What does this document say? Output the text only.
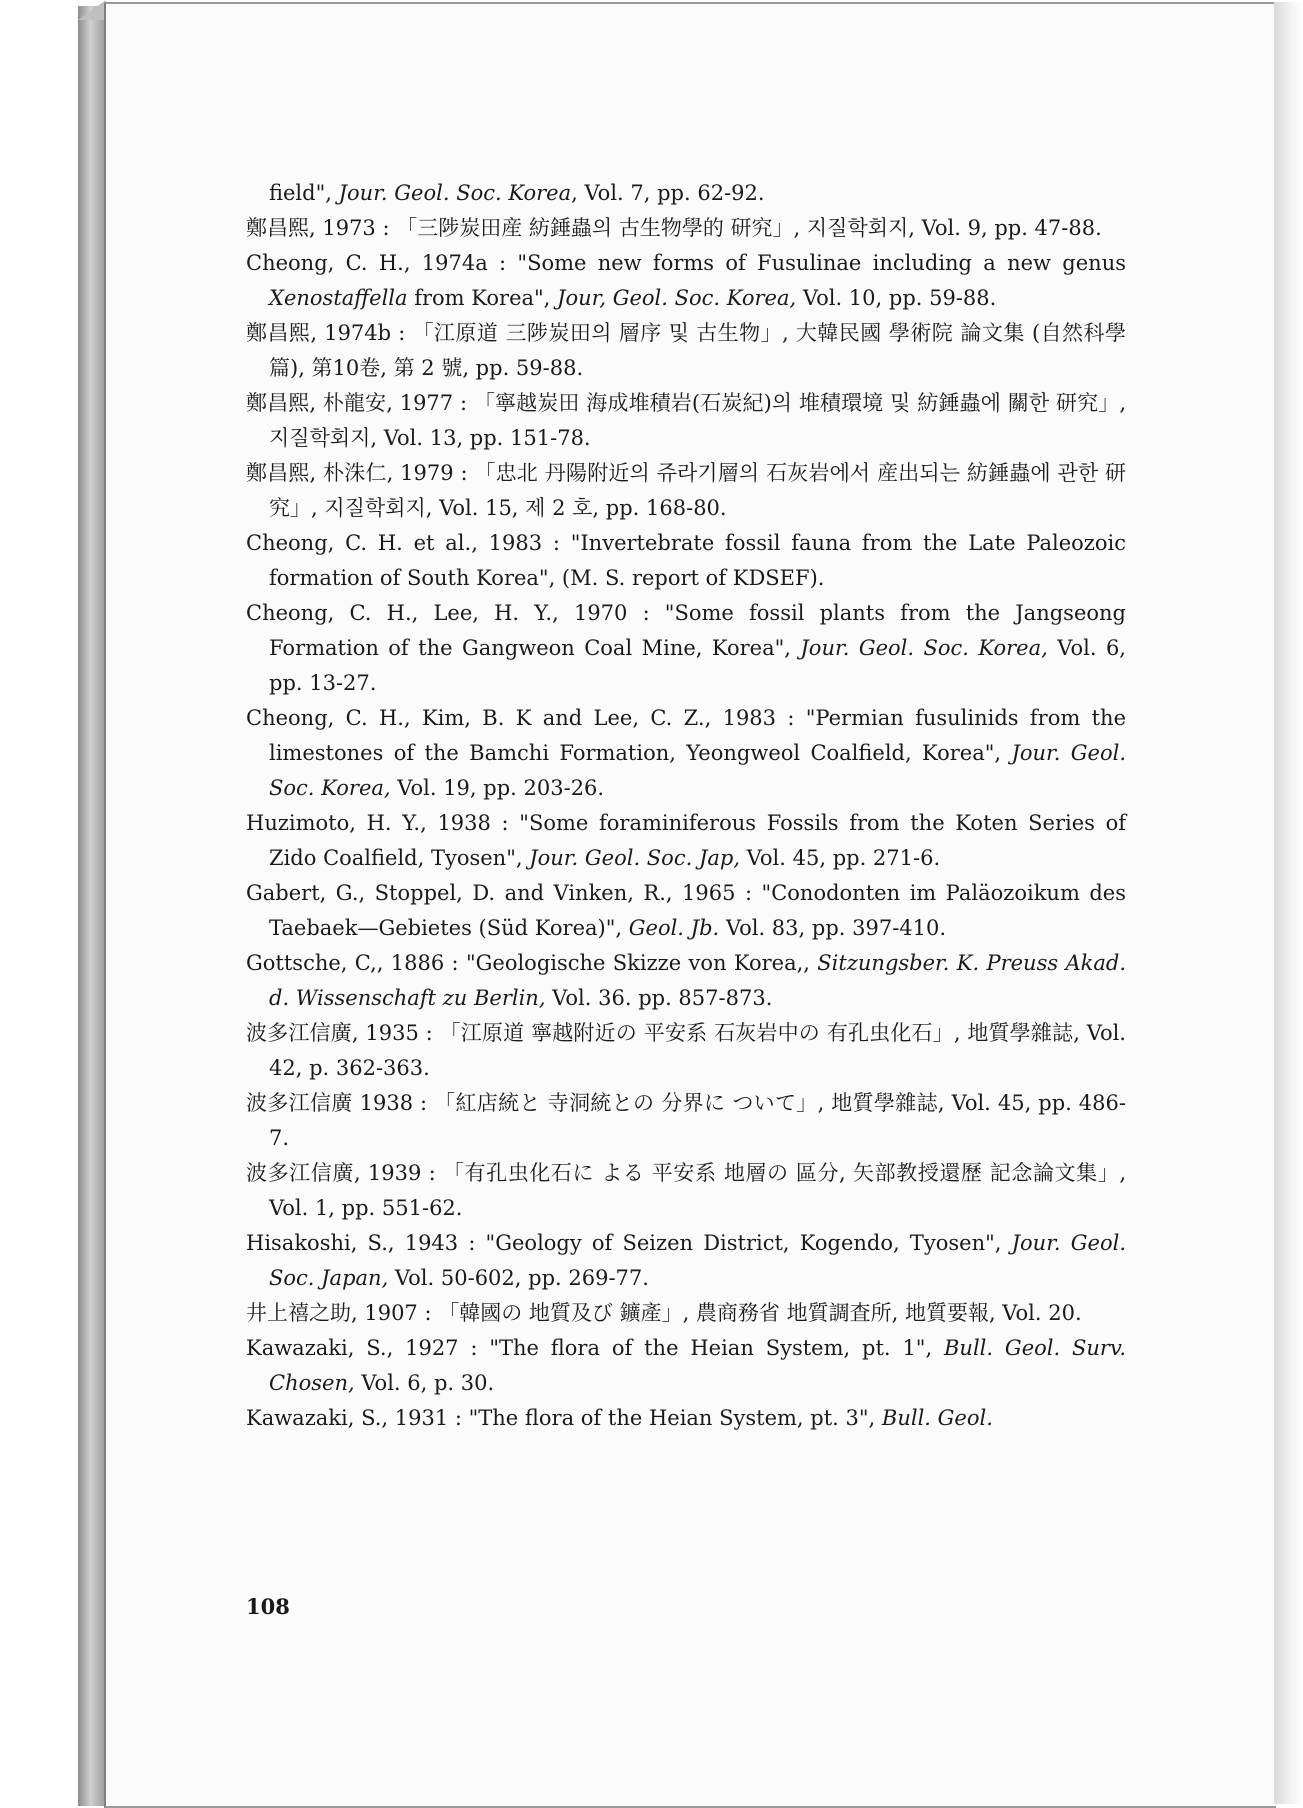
field", Jour. Geol. Soc. Korea, Vol. 7, pp. 62-92.

鄭昌熙, 1973 : 「三陟炭田産 紡錘蟲의 古生物學的 研究」, 지질학회지, Vol. 9, pp. 47-88.

Cheong, C. H., 1974a : "Some new forms of Fusulinae including a new genus Xenostaffella from Korea", Jour, Geol. Soc. Korea, Vol. 10, pp. 59-88.

鄭昌熙, 1974b : 「江原道 三陟炭田의 層序 및 古生物」, 大韓民國 學術院 論文集 (自然科學篇), 第10卷, 第 2 號, pp. 59-88.

鄭昌熙, 朴龍安, 1977 : 「寧越炭田 海成堆積岩(石炭紀)의 堆積環境 및 紡錘蟲에 關한 研究」, 지질학회지, Vol. 13, pp. 151-78.

鄭昌熙, 朴洙仁, 1979 : 「忠北 丹陽附近의 쥬라기層의 石灰岩에서 産出되는 紡錘蟲에 관한 研究」, 지질학회지, Vol. 15, 제 2 호, pp. 168-80.

Cheong, C. H. et al., 1983 : "Invertebrate fossil fauna from the Late Paleozoic formation of South Korea", (M. S. report of KDSEF).

Cheong, C. H., Lee, H. Y., 1970 : "Some fossil plants from the Jangseong Formation of the Gangweon Coal Mine, Korea", Jour. Geol. Soc. Korea, Vol. 6, pp. 13-27.

Cheong, C. H., Kim, B. K and Lee, C. Z., 1983 : "Permian fusulinids from the limestones of the Bamchi Formation, Yeongweol Coalfield, Korea", Jour. Geol. Soc. Korea, Vol. 19, pp. 203-26.

Huzimoto, H. Y., 1938 : "Some foraminiferous Fossils from the Koten Series of Zido Coalfield, Tyosen", Jour. Geol. Soc. Jap, Vol. 45, pp. 271-6.

Gabert, G., Stoppel, D. and Vinken, R., 1965 : "Conodonten im Paläozoikum des Taebaek—Gebietes (Süd Korea)", Geol. Jb. Vol. 83, pp. 397-410.

Gottsche, C,, 1886 : "Geologische Skizze von Korea,, Sitzungsber. K. Preuss Akad. d. Wissenschaft zu Berlin, Vol. 36. pp. 857-873.

波多江信廣, 1935 : 「江原道 寧越附近の 平安系 石灰岩中の 有孔虫化石」, 地質學雜誌, Vol. 42, p. 362-363.

波多江信廣 1938 : 「紅店統と 寺洞統との 分界に ついて」, 地質學雜誌, Vol. 45, pp. 486-7.

波多江信廣, 1939 : 「有孔虫化石に よる 平安系 地層の 區分, 矢部教授還歷 記念論文集」, Vol. 1, pp. 551-62.

Hisakoshi, S., 1943 : "Geology of Seizen District, Kogendo, Tyosen", Jour. Geol. Soc. Japan, Vol. 50-602, pp. 269-77.

井上禧之助, 1907 : 「韓國の 地質及び 鑛產」, 農商務省 地質調査所, 地質要報, Vol. 20.

Kawazaki, S., 1927 : "The flora of the Heian System, pt. 1", Bull. Geol. Surv. Chosen, Vol. 6, p. 30.

Kawazaki, S., 1931 : "The flora of the Heian System, pt. 3", Bull. Geol.

108
